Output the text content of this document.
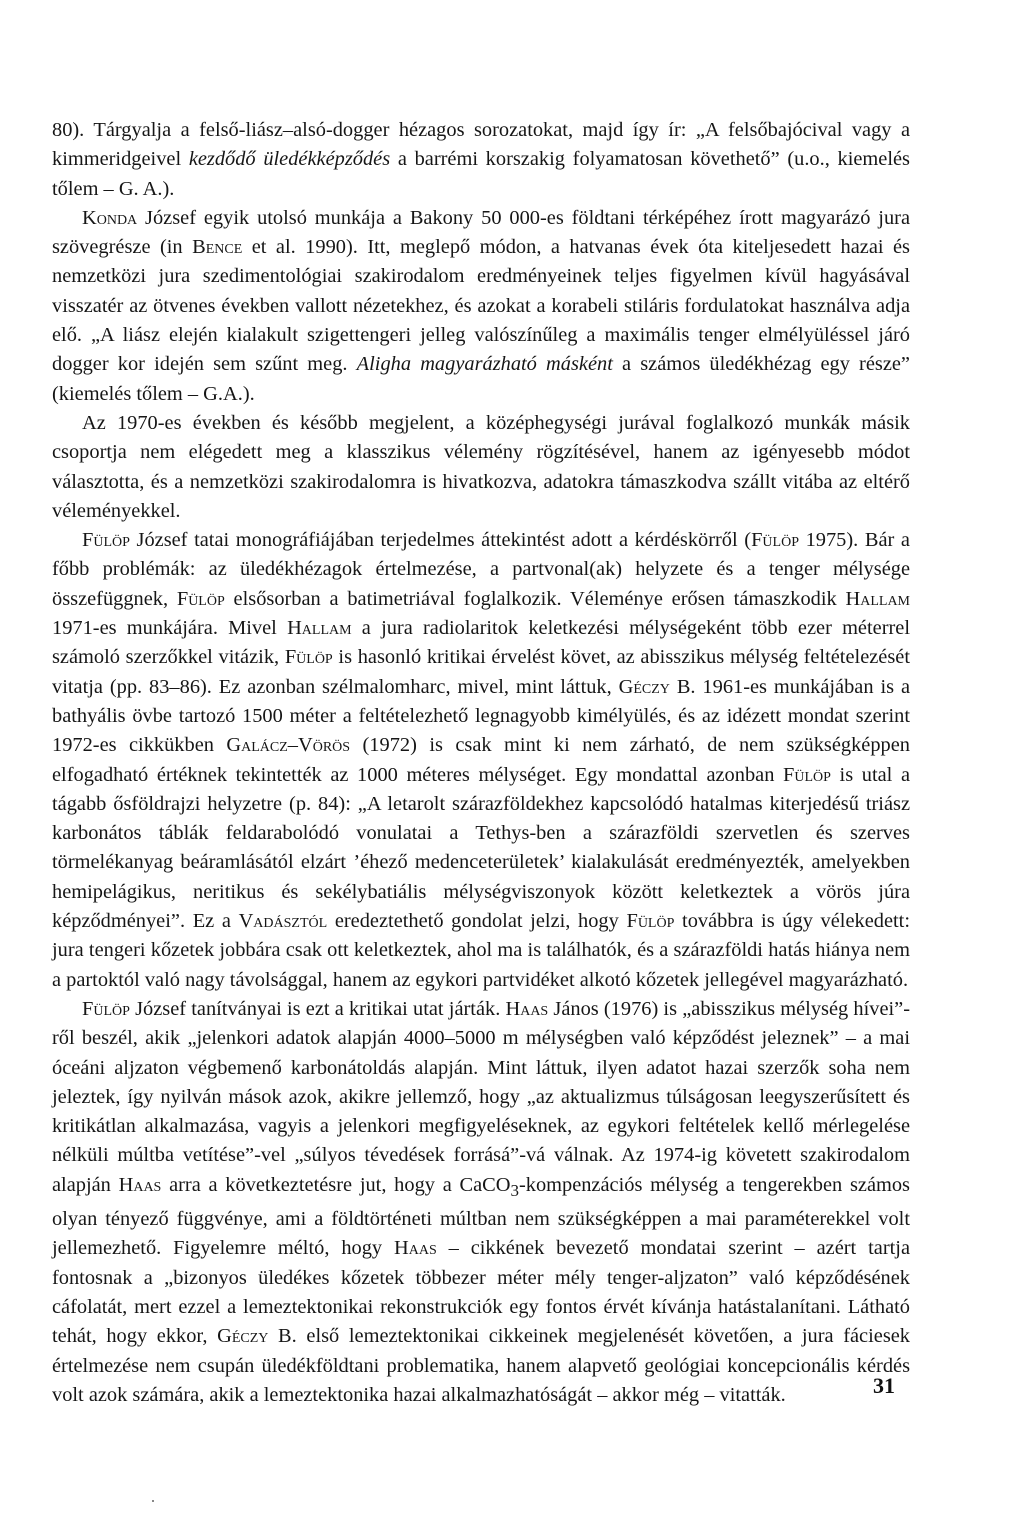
80). Tárgyalja a felső-liász–alsó-dogger hézagos sorozatokat, majd így ír: „A felsőbajócival vagy a kimmeridgeivel kezdődő üledékképződés a barrémi korszakig folyamatosan követhető” (u.o., kiemelés tőlem – G. A.).

Konda József egyik utolsó munkája a Bakony 50 000-es földtani térképéhez írott magyarázó jura szövegrésze (in Bence et al. 1990). Itt, meglepő módon, a hatvanas évek óta kiteljesedett hazai és nemzetközi jura szedimentológiai szakirodalom eredményeinek teljes figyelmen kívül hagyásával visszatér az ötvenes években vallott nézetekhez, és azokat a korabeli stiláris fordulatokat használva adja elő. „A liász elején kialakult szigettengeri jelleg valószínűleg a maximális tenger elmélyüléssel járó dogger kor idején sem szűnt meg. Aligha magyarázható másként a számos üledékhézag egy része” (kiemelés tőlem – G.A.).

Az 1970-es években és később megjelent, a középhegységi jurával foglalkozó munkák másik csoportja nem elégedett meg a klasszikus vélemény rögzítésével, hanem az igényesebb módot választotta, és a nemzetközi szakirodalomra is hivatkozva, adatokra támaszkodva szállt vitába az eltérő véleményekkel.

Fülöp József tatai monográfiájában terjedelmes áttekintést adott a kérdéskörről (Fülöp 1975). Bár a főbb problémák: az üledékhézagok értelmezése, a partvonal(ak) helyzete és a tenger mélysége összefüggnek, Fülöp elsősorban a batimetriával foglalkozik. Véleménye erősen támaszkodik Hallam 1971-es munkájára. Mivel Hallam a jura radiolaritok keletkezési mélységeként több ezer méterrel számoló szerzőkkel vitázik, Fülöp is hasonló kritikai érvelést követ, az abisszikus mélység feltételezését vitatja (pp. 83–86). Ez azonban szélmalomharc, mivel, mint láttuk, Géczy B. 1961-es munkájában is a bathyális övbe tartozó 1500 méter a feltételezhető legnagyobb kimélyülés, és az idézett mondat szerint 1972-es cikkükben Galácz–Vörös (1972) is csak mint ki nem zárható, de nem szükségképpen elfogadható értéknek tekintették az 1000 méteres mélységet. Egy mondattal azonban Fülöp is utal a tágabb ősföldrajzi helyzetre (p. 84): „A letarolt szárazföldekhez kapcsolódó hatalmas kiterjedésű triász karbonátos táblák feldarabolódó vonulatai a Tethys-ben a szárazföldi szervetlen és szerves törmelékanyag beáramlásától elzárt ’éhező medenceterületek’ kialakulását eredményezték, amelyekben hemipelágikus, neritikus és sekélybatiális mélységviszonyok között keletkeztek a vörös júra képződményei”. Ez a Vadásztól eredeztethető gondolat jelzi, hogy Fülöp továbbra is úgy vélekedett: jura tengeri kőzetek jobbára csak ott keletkeztek, ahol ma is találhatók, és a szárazföldi hatás hiánya nem a partoktól való nagy távolsággal, hanem az egykori partvidéket alkotó kőzetek jellegével magyarázható.

Fülöp József tanítványai is ezt a kritikai utat járták. Haas János (1976) is „abisszikus mélység hívei”-ről beszél, akik „jelenkori adatok alapján 4000–5000 m mélységben való képződést jeleznek” – a mai óceáni aljzaton végbemenő karbonátoldás alapján. Mint láttuk, ilyen adatot hazai szerzők soha nem jeleztek, így nyilván mások azok, akikre jellemző, hogy „az aktualizmus túlságosan leegyszerűsített és kritikátlan alkalmazása, vagyis a jelenkori megfigyeléseknek, az egykori feltételek kellő mérlegelése nélküli múltba vetítése”-vel „súlyos tévedések forrásá”-vá válnak. Az 1974-ig követett szakirodalom alapján Haas arra a következtetésre jut, hogy a CaCO$_3$-kompenzációs mélység a tengerekben számos olyan tényező függvénye, ami a földtörténeti múltban nem szükségképpen a mai paraméterekkel volt jellemezhető. Figyelemre méltó, hogy Haas – cikkének bevezető mondatai szerint – azért tartja fontosnak a „bizonyos üledékes kőzetek többezer méter mély tenger-aljzaton” való képződésének cáfolatát, mert ezzel a lemeztektonikai rekonstrukciók egy fontos érvét kívánja hatástalanítani. Látható tehát, hogy ekkor, Géczy B. első lemeztektonikai cikkeinek megjelenését követően, a jura fáciesek értelmezése nem csupán üledékföldtani problematika, hanem alapvető geológiai koncepcionális kérdés volt azok számára, akik a lemeztektonika hazai alkalmazhatóságát – akkor még – vitatták.	31
